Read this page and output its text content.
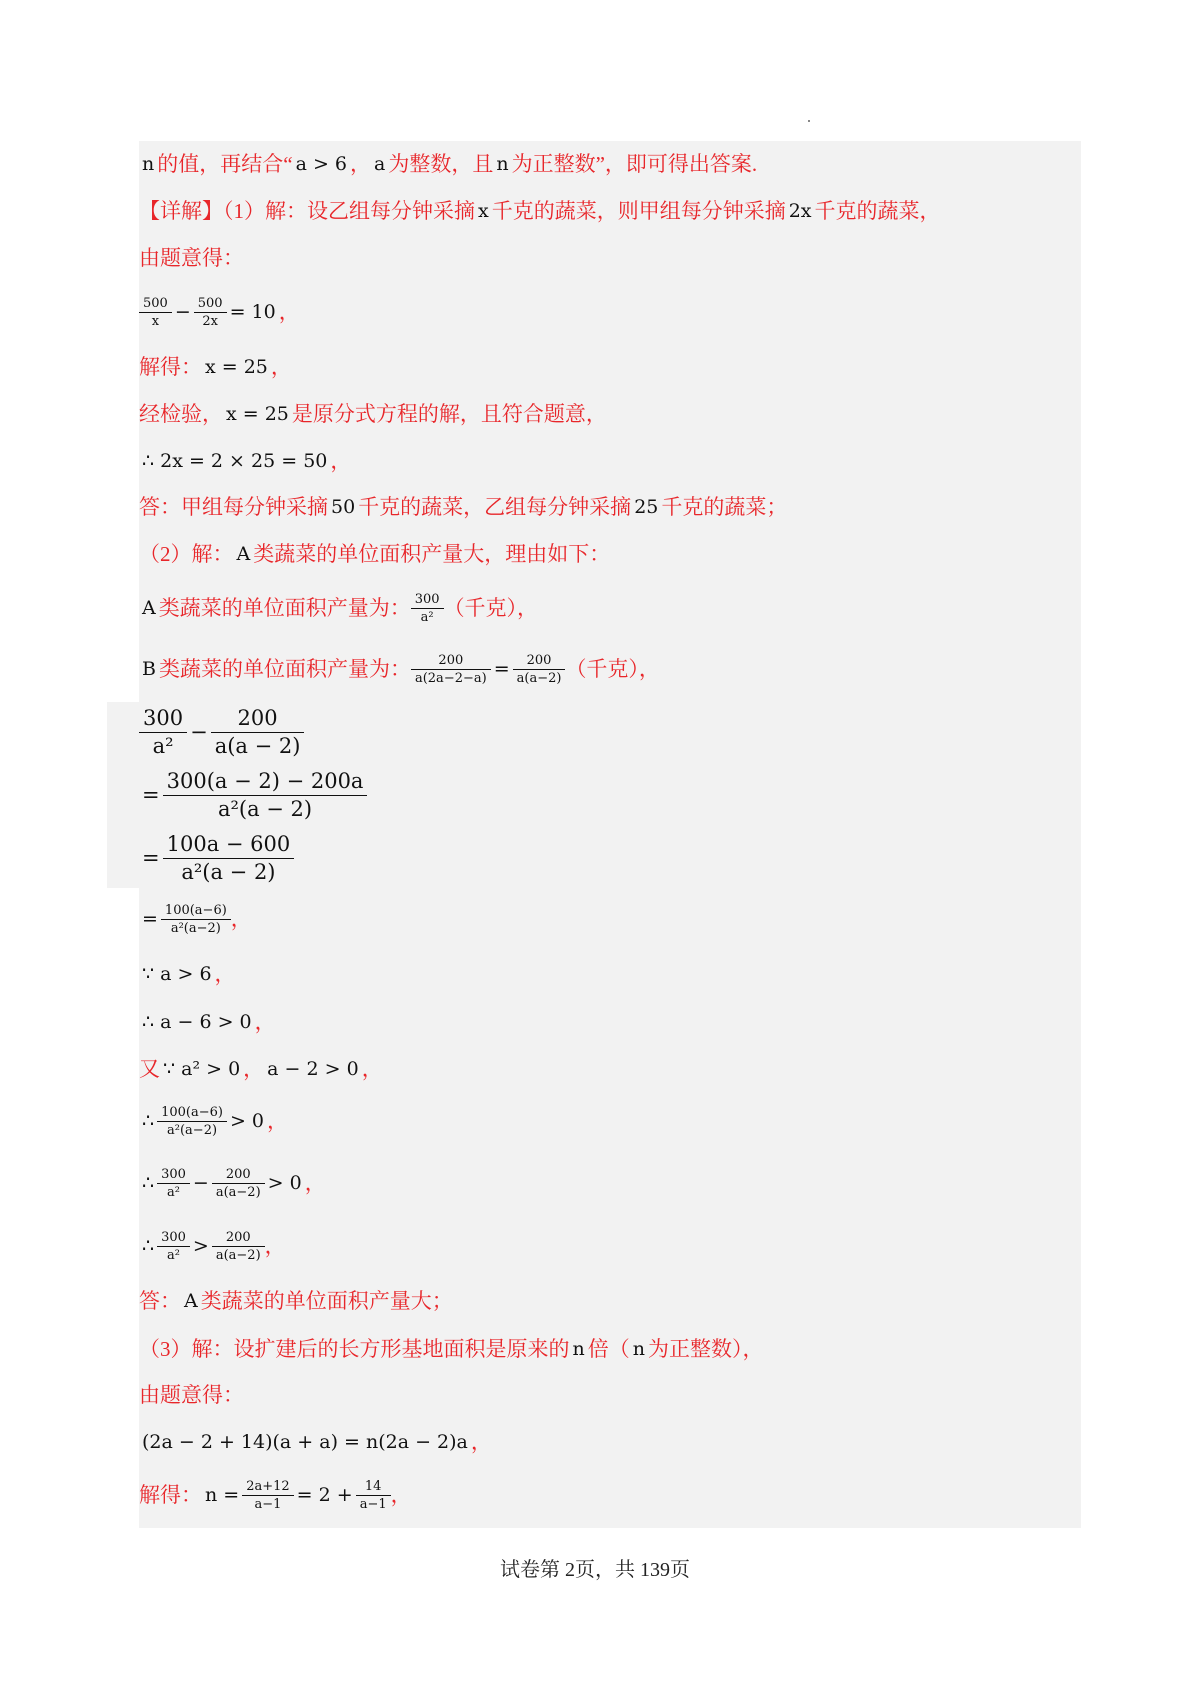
n 的值，再结合“ a > 6 ， a 为整数，且 n 为正整数”，即可得出答案.
【详解】（1）解：设乙组每分钟采摘 x 千克的蔬菜，则甲组每分钟采摘 2x 千克的蔬菜，
由题意得：
$\frac{500}{x} - \frac{500}{2x} = 10$ ，
解得： x = 25 ，
经检验， x = 25 是原分式方程的解，且符合题意，
∴ 2x = 2 × 25 = 50 ，
答：甲组每分钟采摘 50 千克的蔬菜，乙组每分钟采摘 25 千克的蔬菜；
（2）解： A 类蔬菜的单位面积产量大，理由如下：
A 类蔬菜的单位面积产量为： $\frac{300}{\text{a²}}$ （千克），
B 类蔬菜的单位面积产量为： $\frac{200}{a(2a-2-a)} = \frac{200}{a(a-2)}$ （千克），
$\frac{300}{\text{a²}} - \frac{200}{a(a - 2)}$
= $\frac{300(a - 2) - 200a}{\text{a²(a − 2)}}$
= $\frac{100a - 600}{\text{a²(a − 2)}}$
= $\frac{100(a-6)}{\text{a²(a−2)}}$ ，
∵ a > 6 ，
∴ a − 6 > 0 ，
又 ∵ a² > 0 ， a − 2 > 0 ，
∴ $\frac{100(a-6)}{\text{a²(a−2)}} > 0$ ，
∴ $\frac{300}{\text{a²}} - \frac{200}{a(a-2)} > 0$ ，
∴ $\frac{300}{\text{a²}} > \frac{200}{a(a-2)}$ ，
答： A 类蔬菜的单位面积产量大；
（3）解：设扩建后的长方形基地面积是原来的 n 倍（ n 为正整数），
由题意得：
(2a − 2 + 14)(a + a) = n(2a − 2)a ，
解得： $n = \frac{2a+12}{a-1} = 2 + \frac{14}{a-1}$ ，
试卷第 2页，共 139页
